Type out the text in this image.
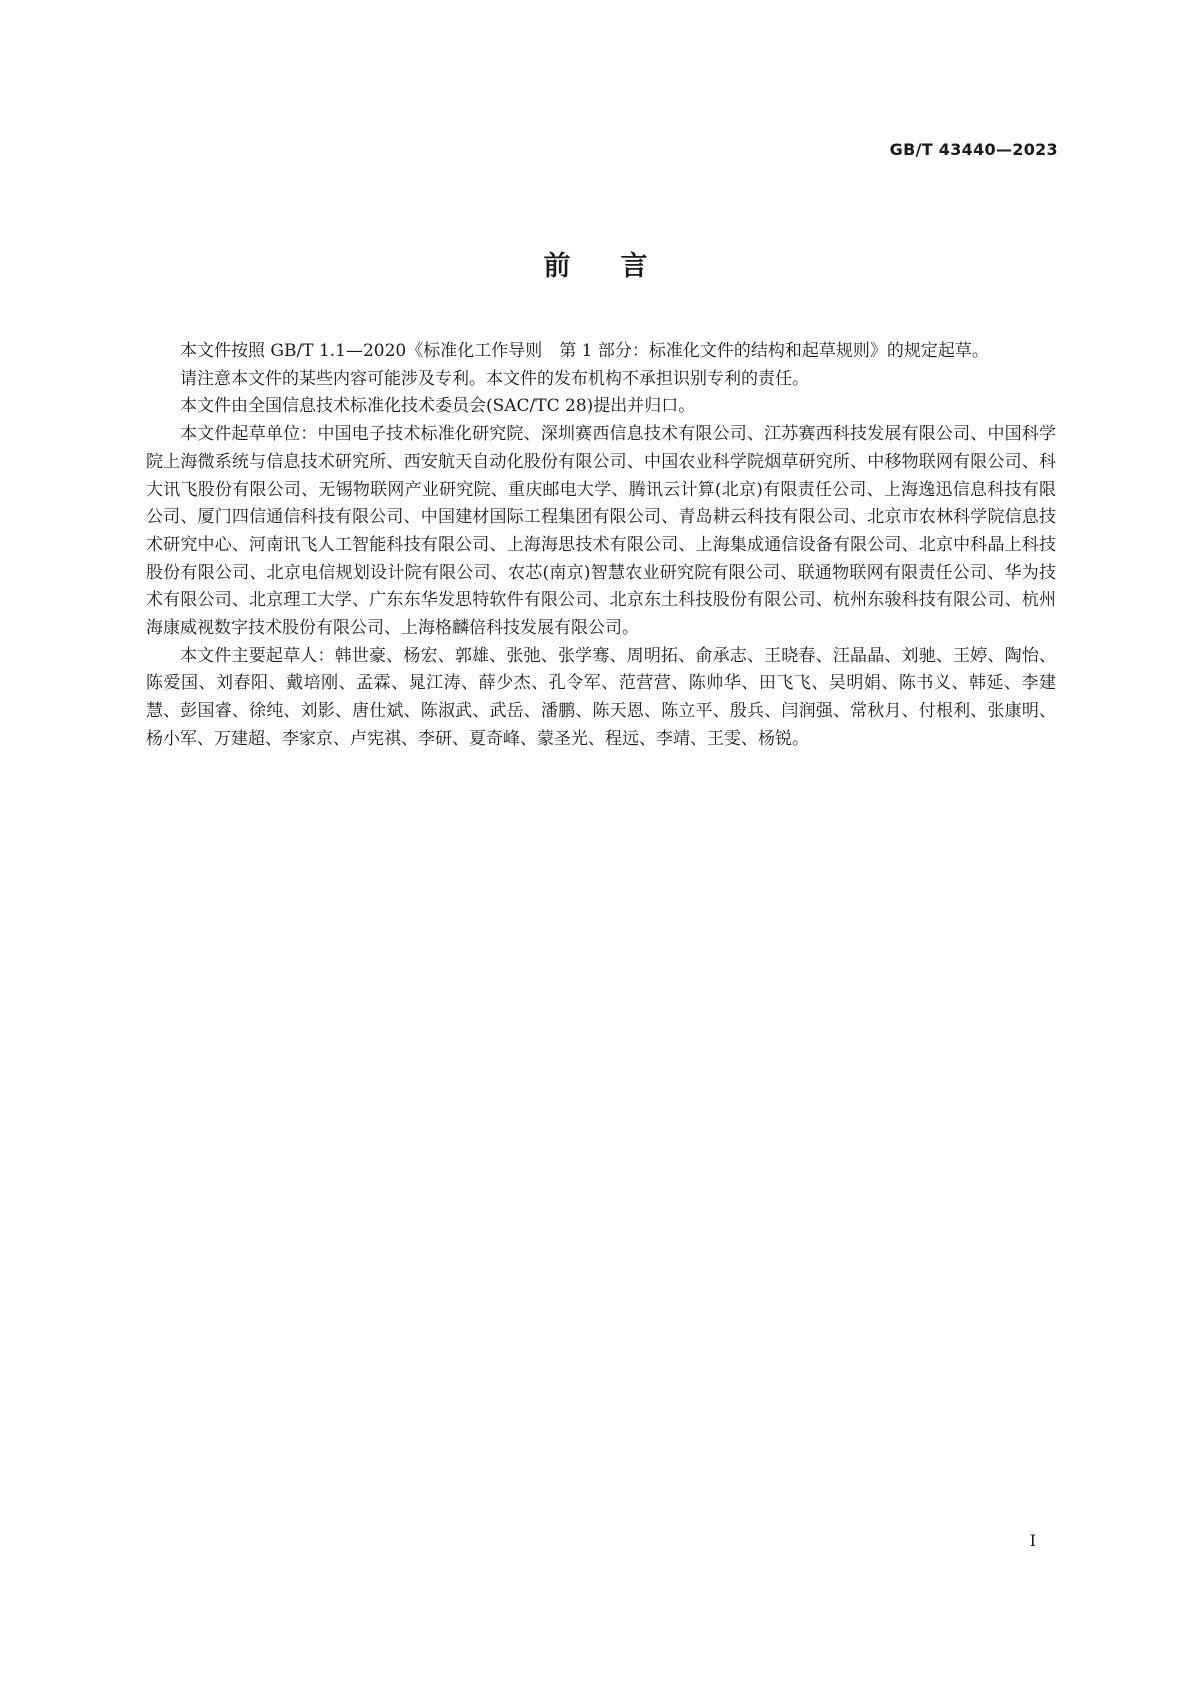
GB/T 43440—2023
前言

本文件按照 GB/T 1.1—2020《标准化工作导则　第 1 部分：标准化文件的结构和起草规则》的规定起草。

请注意本文件的某些内容可能涉及专利。本文件的发布机构不承担识别专利的责任。

本文件由全国信息技术标准化技术委员会(SAC/TC 28)提出并归口。

本文件起草单位：中国电子技术标准化研究院、深圳赛西信息技术有限公司、江苏赛西科技发展有限公司、中国科学院上海微系统与信息技术研究所、西安航天自动化股份有限公司、中国农业科学院烟草研究所、中移物联网有限公司、科大讯飞股份有限公司、无锡物联网产业研究院、重庆邮电大学、腾讯云计算(北京)有限责任公司、上海逸迅信息科技有限公司、厦门四信通信科技有限公司、中国建材国际工程集团有限公司、青岛耕云科技有限公司、北京市农林科学院信息技术研究中心、河南讯飞人工智能科技有限公司、上海海思技术有限公司、上海集成通信设备有限公司、北京中科晶上科技股份有限公司、北京电信规划设计院有限公司、农芯(南京)智慧农业研究院有限公司、联通物联网有限责任公司、华为技术有限公司、北京理工大学、广东东华发思特软件有限公司、北京东土科技股份有限公司、杭州东骏科技有限公司、杭州海康威视数字技术股份有限公司、上海格麟倍科技发展有限公司。

本文件主要起草人：韩世豪、杨宏、郭雄、张弛、张学骞、周明拓、俞承志、王晓春、汪晶晶、刘驰、王婷、陶怡、陈爱国、刘春阳、戴培刚、孟霖、晁江涛、薛少杰、孔令军、范营营、陈帅华、田飞飞、吴明娟、陈书义、韩延、李建慧、彭国睿、徐纯、刘影、唐仕斌、陈淑武、武岳、潘鹏、陈天恩、陈立平、殷兵、闫润强、常秋月、付根利、张康明、杨小军、万建超、李家京、卢宪祺、李研、夏奇峰、蒙圣光、程远、李靖、王雯、杨锐。

I
